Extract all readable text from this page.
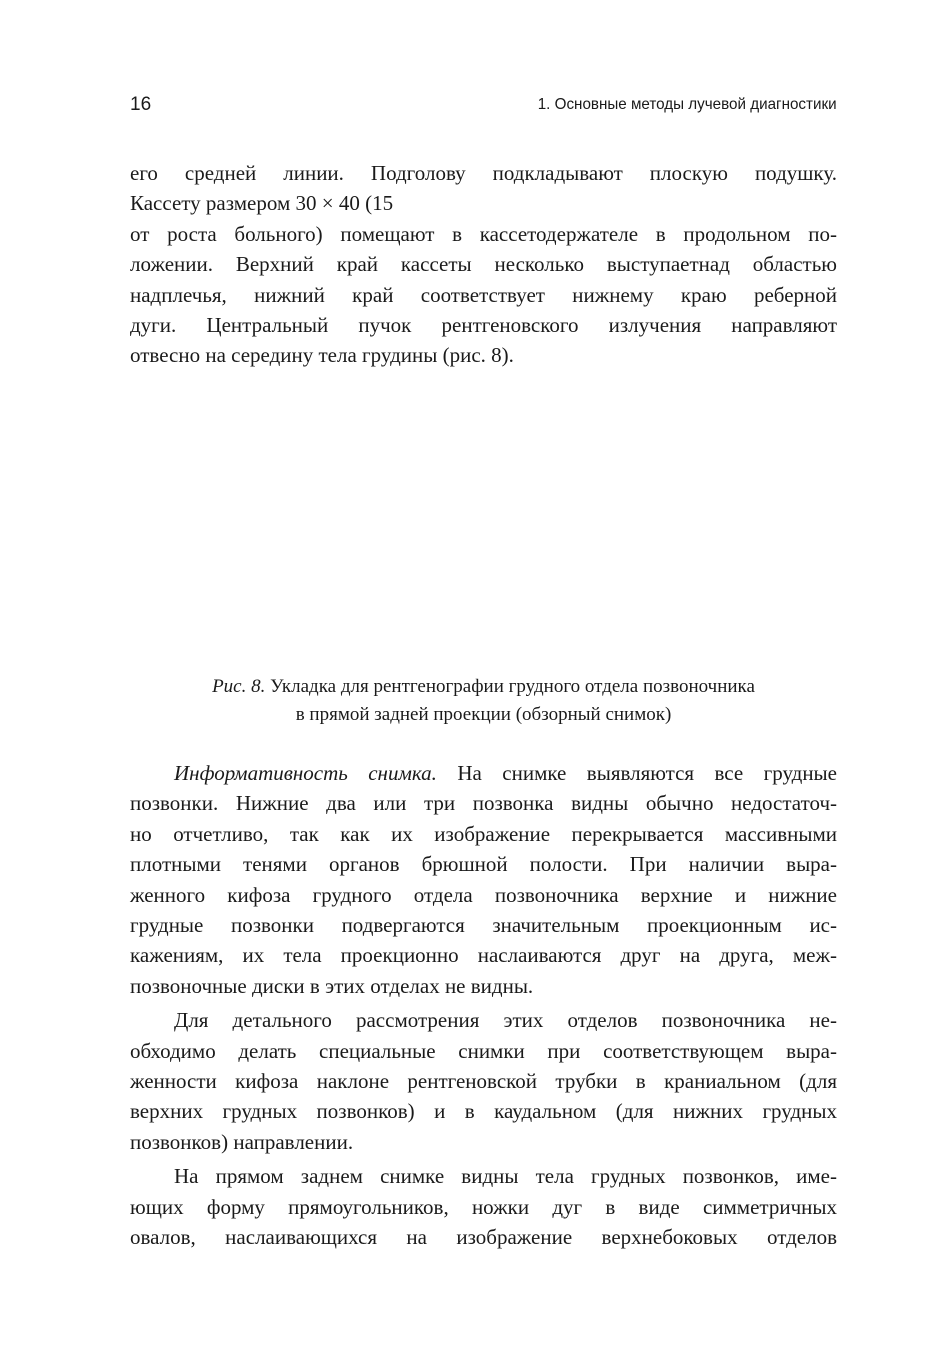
16	1. Основные методы лучевой диагностики

его средней линии. Подголову подкладывают плоскую подушку.
Кассету размером 30 × 40 (15
от роста больного) помещают в кассетодержателе в продольном по-
ложении. Верхний край кассеты несколько выступаетнад областью
надплечья, нижний край соответствует нижнему краю реберной
дуги. Центральный пучок рентгеновского излучения направляют
отвесно на середину тела грудины (рис. 8).

Рис. 8. Укладка для рентгенографии грудного отдела позвоночника
в прямой задней проекции (обзорный снимок)

Информативность снимка. На снимке выявляются все грудные
позвонки. Нижние два или три позвонка видны обычно недостаточ-
но отчетливо, так как их изображение перекрывается массивными
плотными тенями органов брюшной полости. При наличии выра-
женного кифоза грудного отдела позвоночника верхние и нижние
грудные позвонки подвергаются значительным проекционным ис-
кажениям, их тела проекционно наслаиваются друг на друга, меж-
позвоночные диски в этих отделах не видны.

Для детального рассмотрения этих отделов позвоночника не-
обходимо делать специальные снимки при соответствующем выра-
женности кифоза наклоне рентгеновской трубки в краниальном (для
верхних грудных позвонков) и в каудальном (для нижних грудных
позвонков) направлении.

На прямом заднем снимке видны тела грудных позвонков, име-
ющих форму прямоугольников, ножки дуг в виде симметричных
овалов, наслаивающихся на изображение верхнебоковых отделов
